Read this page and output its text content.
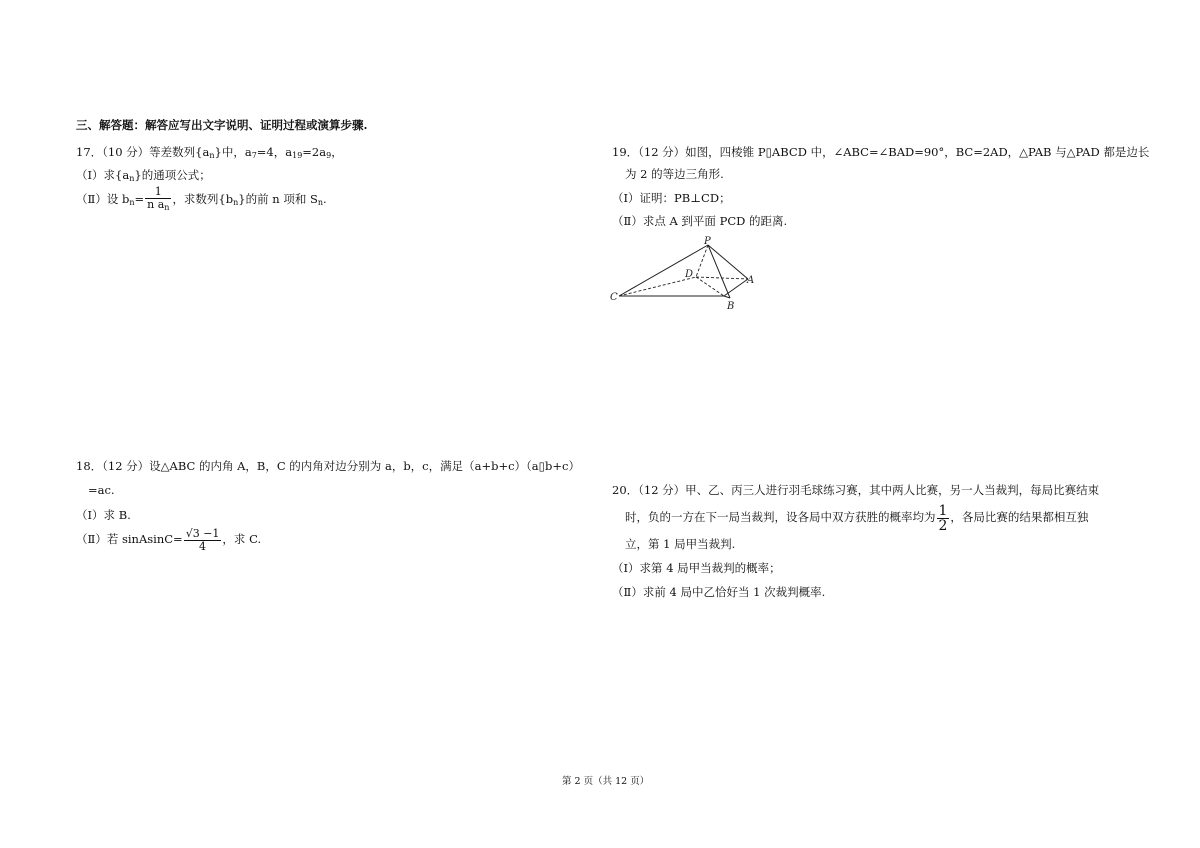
三、解答题：解答应写出文字说明、证明过程或演算步骤.
17．（10 分）等差数列$\{a_n\}$中，$a_7=4$，$a_{19}=2a_9$，
（Ⅰ）求$\{a_n\}$的通项公式；
（Ⅱ）设 $b_n= \frac{1}{n a_n}$ ，求数列$\{b_n\}$的前 n 项和 $S_n$.
18．（12 分）设△ABC 的内角 A，B，C 的内角对边分别为 a，b，c，满足（a+b+c）（a▯b+c）
=ac.
（Ⅰ）求 B.
（Ⅱ）若 sinAsinC= $\frac{√3 -1}{4}$ ，求 C.
19．（12 分）如图，四棱锥 P▯ABCD 中，∠ABC=∠BAD=90°，BC=2AD，△PAB 与△PAD 都是边长
为 2 的等边三角形.
（Ⅰ）证明：PB⊥CD；
（Ⅱ）求点 A 到平面 PCD 的距离.
P
D
A
C
B
20．（12 分）甲、乙、丙三人进行羽毛球练习赛，其中两人比赛，另一人当裁判，每局比赛结束
时，负的一方在下一局当裁判，设各局中双方获胜的概率均为 $\frac{1}{2}$ ，各局比赛的结果都相互独
立，第 1 局甲当裁判.
（Ⅰ）求第 4 局甲当裁判的概率；
（Ⅱ）求前 4 局中乙恰好当 1 次裁判概率.
第 2 页（共 12 页）
